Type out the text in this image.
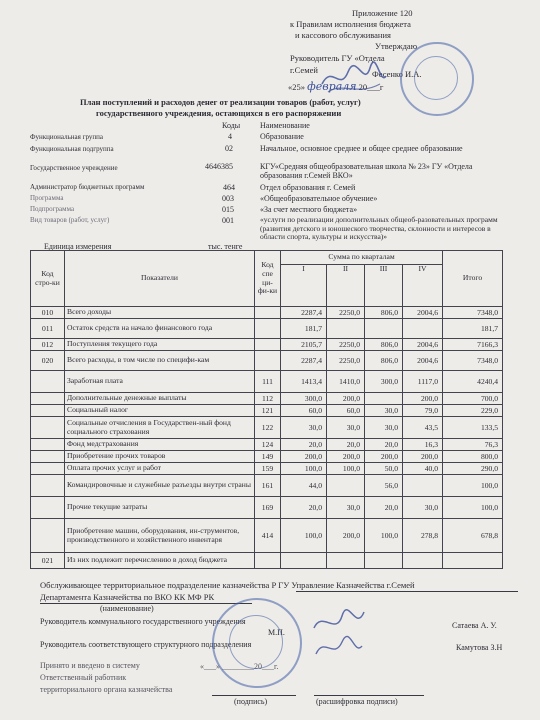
Приложение 120
к Правилам исполнения бюджета
и кассового обслуживания
Утверждаю
Руководитель ГУ «Отдела
г.Семей	Фесенко И.А.
«25» февраля 20___г
План поступлений и расходов денег от реализации товаров (работ, услуг)
государственного учреждения, остающихся в его распоряжении
Коды Наименование
Функциональная группа	4	Образование
Функциональная подгруппа	02	Начальное, основное среднее и общее среднее образование
Государственное учреждение	4646385	КГУ«Средняя общеобразовательная школа № 23» ГУ «Отдела образования г.Семей ВКО»
Администратор бюджетных программ	464	Отдел образования г. Семей
Программа	003	«Общеобразовательное обучение»
Подпрограмма	015	«За счет местного бюджета»
Вид товаров (работ, услуг)	001	«услуги по реализации дополнительных общеоб-разовательных программ (развития детского и юношеского творчества, склонности и интересов в области спорта, культуры и искусства)»
Единица измерения	тыс. тенге
Код стро-ки	Показатели	Код спе ци-фи-ки	Сумма по кварталам				Итого
			I	II	III	IV	
010	Всего доходы		2287,4	2250,0	806,0	2004,6	7348,0
011	Остаток средств на начало финансового года		181,7				181,7
012	Поступления текущего года		2105,7	2250,0	806,0	2004,6	7166,3
020	Всего расходы, в том числе по специфи-кам		2287,4	2250,0	806,0	2004,6	7348,0
	Заработная плата	111	1413,4	1410,0	300,0	1117,0	4240,4
	Дополнительные денежные выплаты	112	300,0	200,0		200,0	700,0
	Социальный налог	121	60,0	60,0	30,0	79,0	229,0
	Социальные отчисления в Государствен-ный фонд социального страхования	122	30,0	30,0	30,0	43,5	133,5
	Фонд медстрахования	124	20,0	20,0	20,0	16,3	76,3
	Приобретение прочих товаров	149	200,0	200,0	200,0	200,0	800,0
	Оплата прочих услуг и работ	159	100,0	100,0	50,0	40,0	290,0
	Командировочные и служебные разъезды внутри страны	161	44,0		56,0		100,0
	Прочие текущие затраты	169	20,0	30,0	20,0	30,0	100,0
	Приобретение машин, оборудования, ин-струментов, производственного и хозяйственного инвентаря	414	100,0	200,0	100,0	278,8	678,8
021	Из них подлежит перечислению в доход бюджета						
Обслуживающее территориальное подразделение казначейства Р ГУ Управление Казначейства г.Семей
Департамента Казначейства по ВКО КК МФ РК
(наименование)
Руководитель коммунального государственного учреждения
М.П.
Сатаева А. У.
Руководитель соответствующего структурного подразделения	Камутова З.Н
Принято и введено в систему	«___» ________20___г.
Ответственный работник
территориального органа казначейства
(подпись)	(расшифровка подписи)
